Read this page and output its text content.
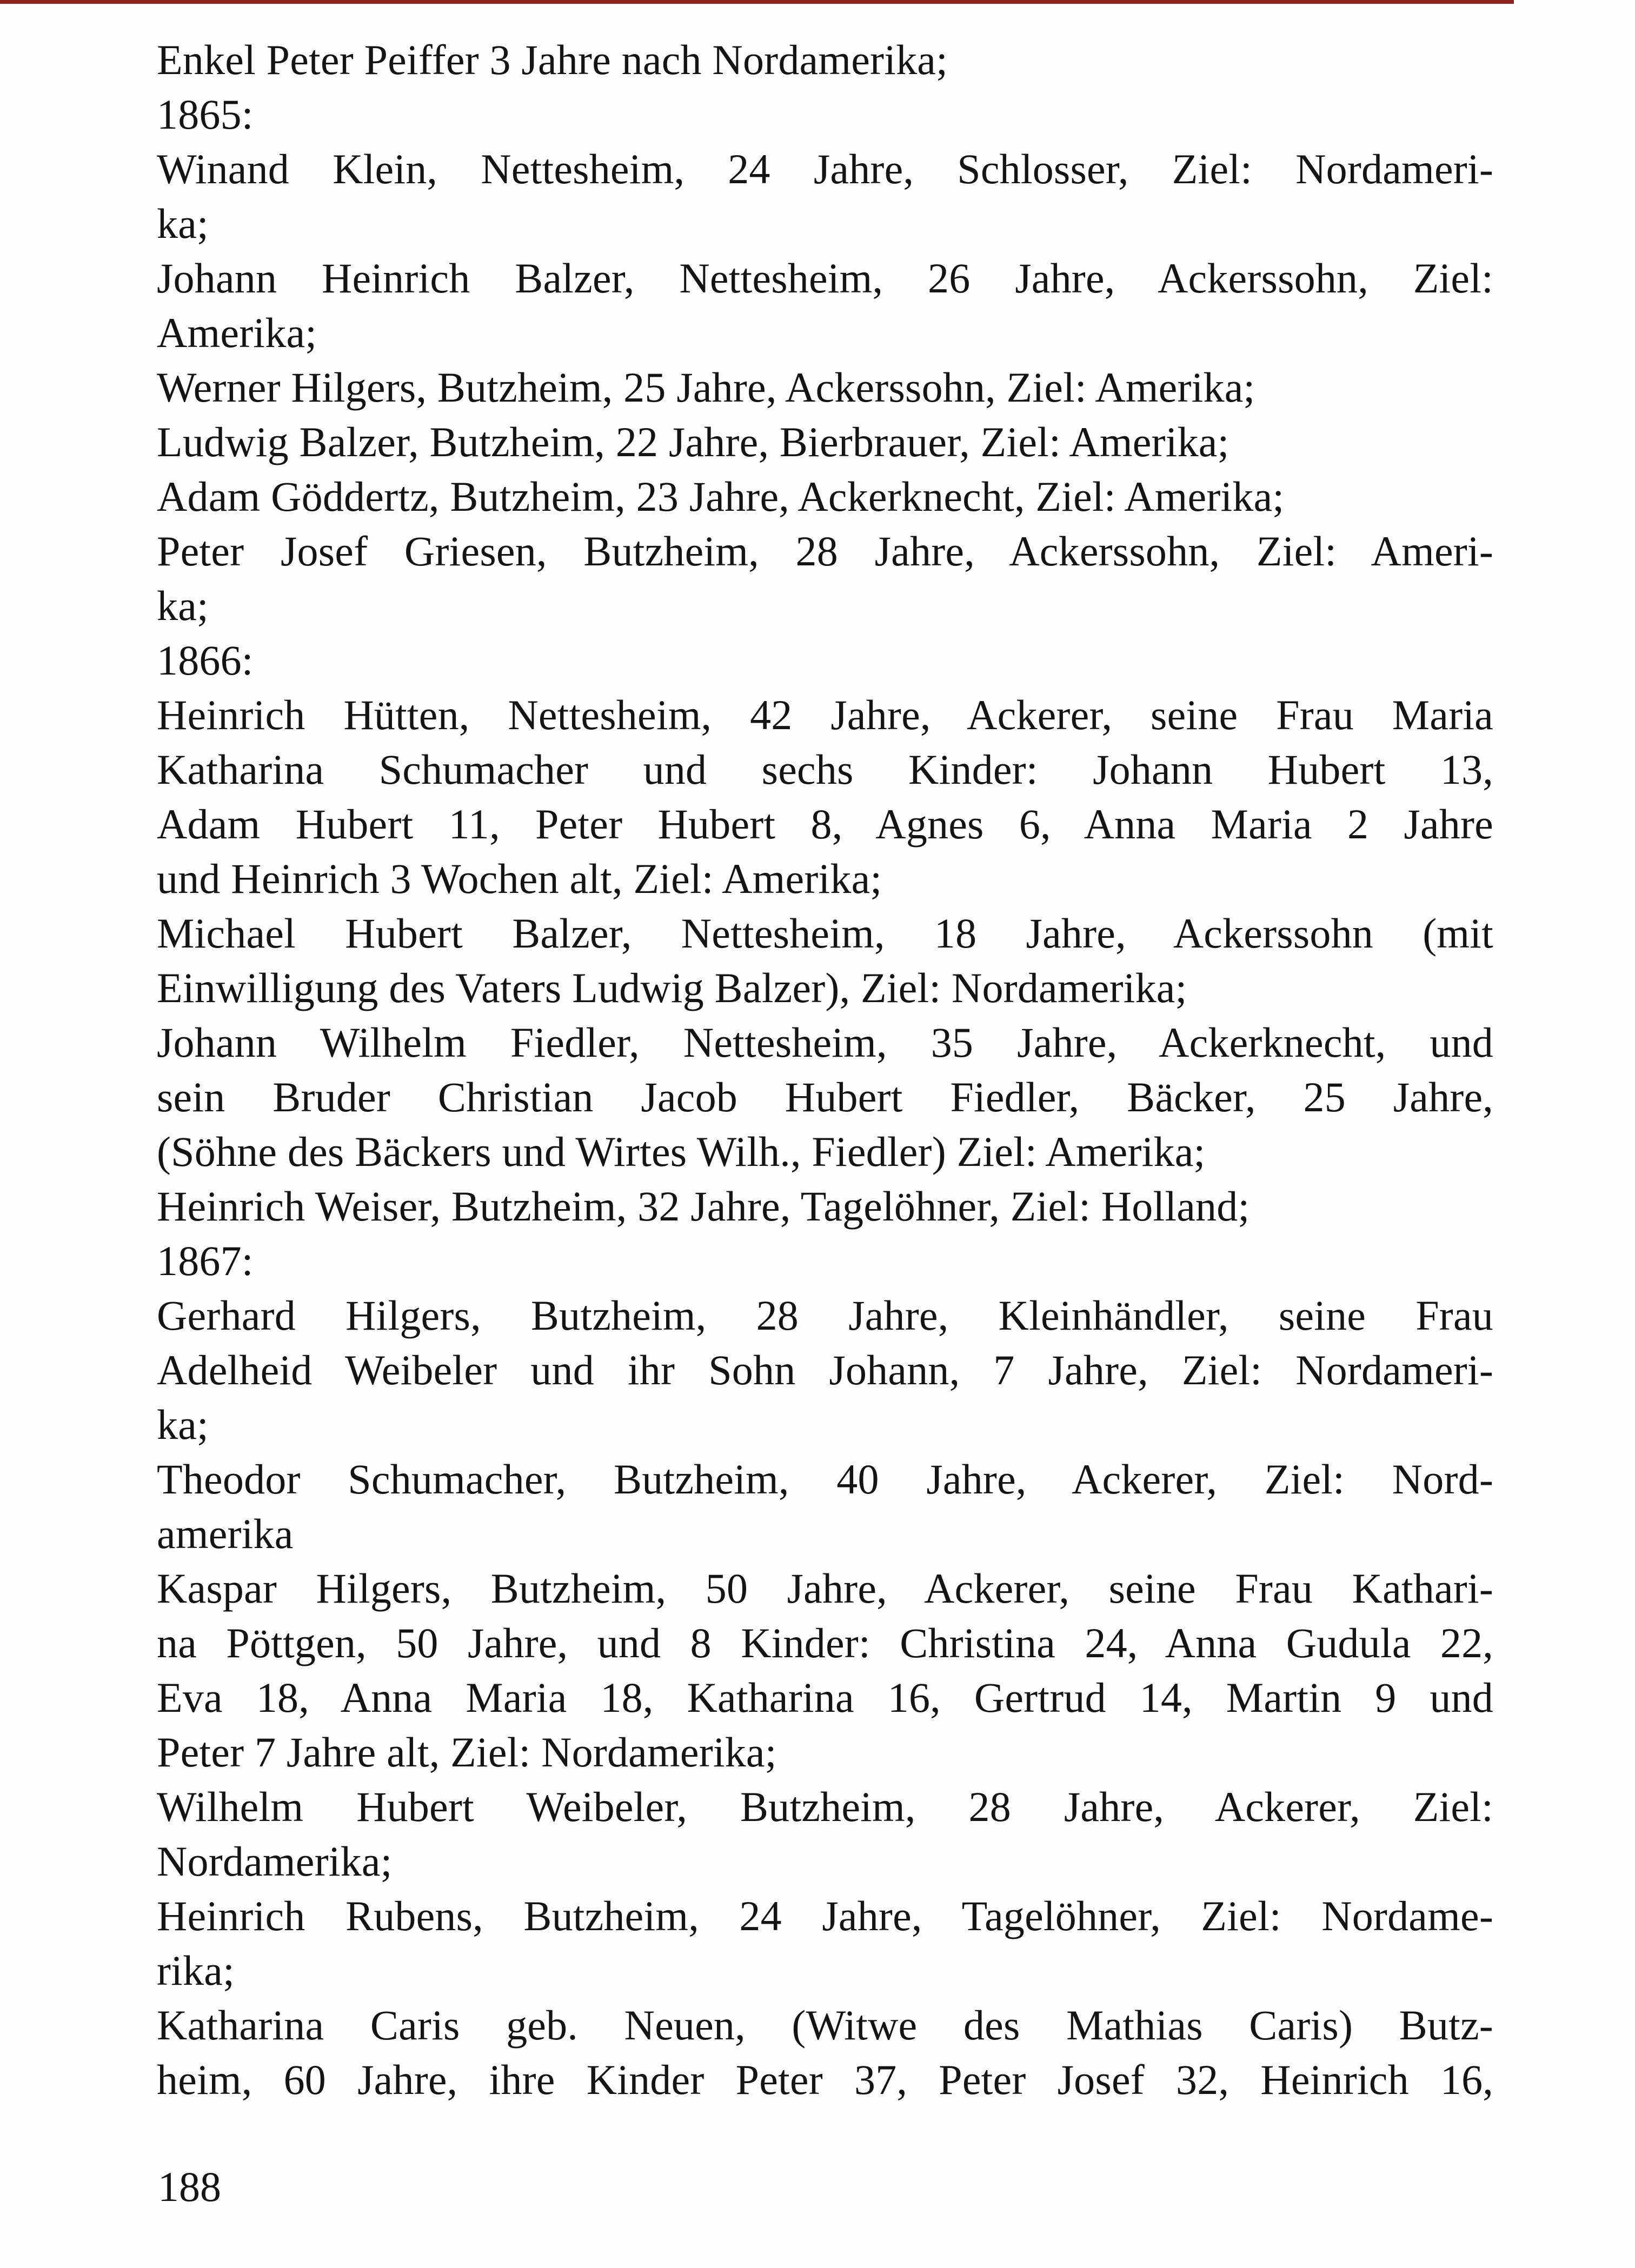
Enkel Peter Peiffer 3 Jahre nach Nordamerika;
1865:
Winand Klein, Nettesheim, 24 Jahre, Schlosser, Ziel: Nordameri-
ka;
Johann Heinrich Balzer, Nettesheim, 26 Jahre, Ackerssohn, Ziel:
Amerika;
Werner Hilgers, Butzheim, 25 Jahre, Ackerssohn, Ziel: Amerika;
Ludwig Balzer, Butzheim, 22 Jahre, Bierbrauer, Ziel: Amerika;
Adam Göddertz, Butzheim, 23 Jahre, Ackerknecht, Ziel: Amerika;
Peter Josef Griesen, Butzheim, 28 Jahre, Ackerssohn, Ziel: Ameri-
ka;
1866:
Heinrich Hütten, Nettesheim, 42 Jahre, Ackerer, seine Frau Maria
Katharina Schumacher und sechs Kinder: Johann Hubert 13,
Adam Hubert 11, Peter Hubert 8, Agnes 6, Anna Maria 2 Jahre
und Heinrich 3 Wochen alt, Ziel: Amerika;
Michael Hubert Balzer, Nettesheim, 18 Jahre, Ackerssohn (mit
Einwilligung des Vaters Ludwig Balzer), Ziel: Nordamerika;
Johann Wilhelm Fiedler, Nettesheim, 35 Jahre, Ackerknecht, und
sein Bruder Christian Jacob Hubert Fiedler, Bäcker, 25 Jahre,
(Söhne des Bäckers und Wirtes Wilh., Fiedler) Ziel: Amerika;
Heinrich Weiser, Butzheim, 32 Jahre, Tagelöhner, Ziel: Holland;
1867:
Gerhard Hilgers, Butzheim, 28 Jahre, Kleinhändler, seine Frau
Adelheid Weibeler und ihr Sohn Johann, 7 Jahre, Ziel: Nordameri-
ka;
Theodor Schumacher, Butzheim, 40 Jahre, Ackerer, Ziel: Nord-
amerika
Kaspar Hilgers, Butzheim, 50 Jahre, Ackerer, seine Frau Kathari-
na Pöttgen, 50 Jahre, und 8 Kinder: Christina 24, Anna Gudula 22,
Eva 18, Anna Maria 18, Katharina 16, Gertrud 14, Martin 9 und
Peter 7 Jahre alt, Ziel: Nordamerika;
Wilhelm Hubert Weibeler, Butzheim, 28 Jahre, Ackerer, Ziel:
Nordamerika;
Heinrich Rubens, Butzheim, 24 Jahre, Tagelöhner, Ziel: Nordame-
rika;
Katharina Caris geb. Neuen, (Witwe des Mathias Caris) Butz-
heim, 60 Jahre, ihre Kinder Peter 37, Peter Josef 32, Heinrich 16,
188
